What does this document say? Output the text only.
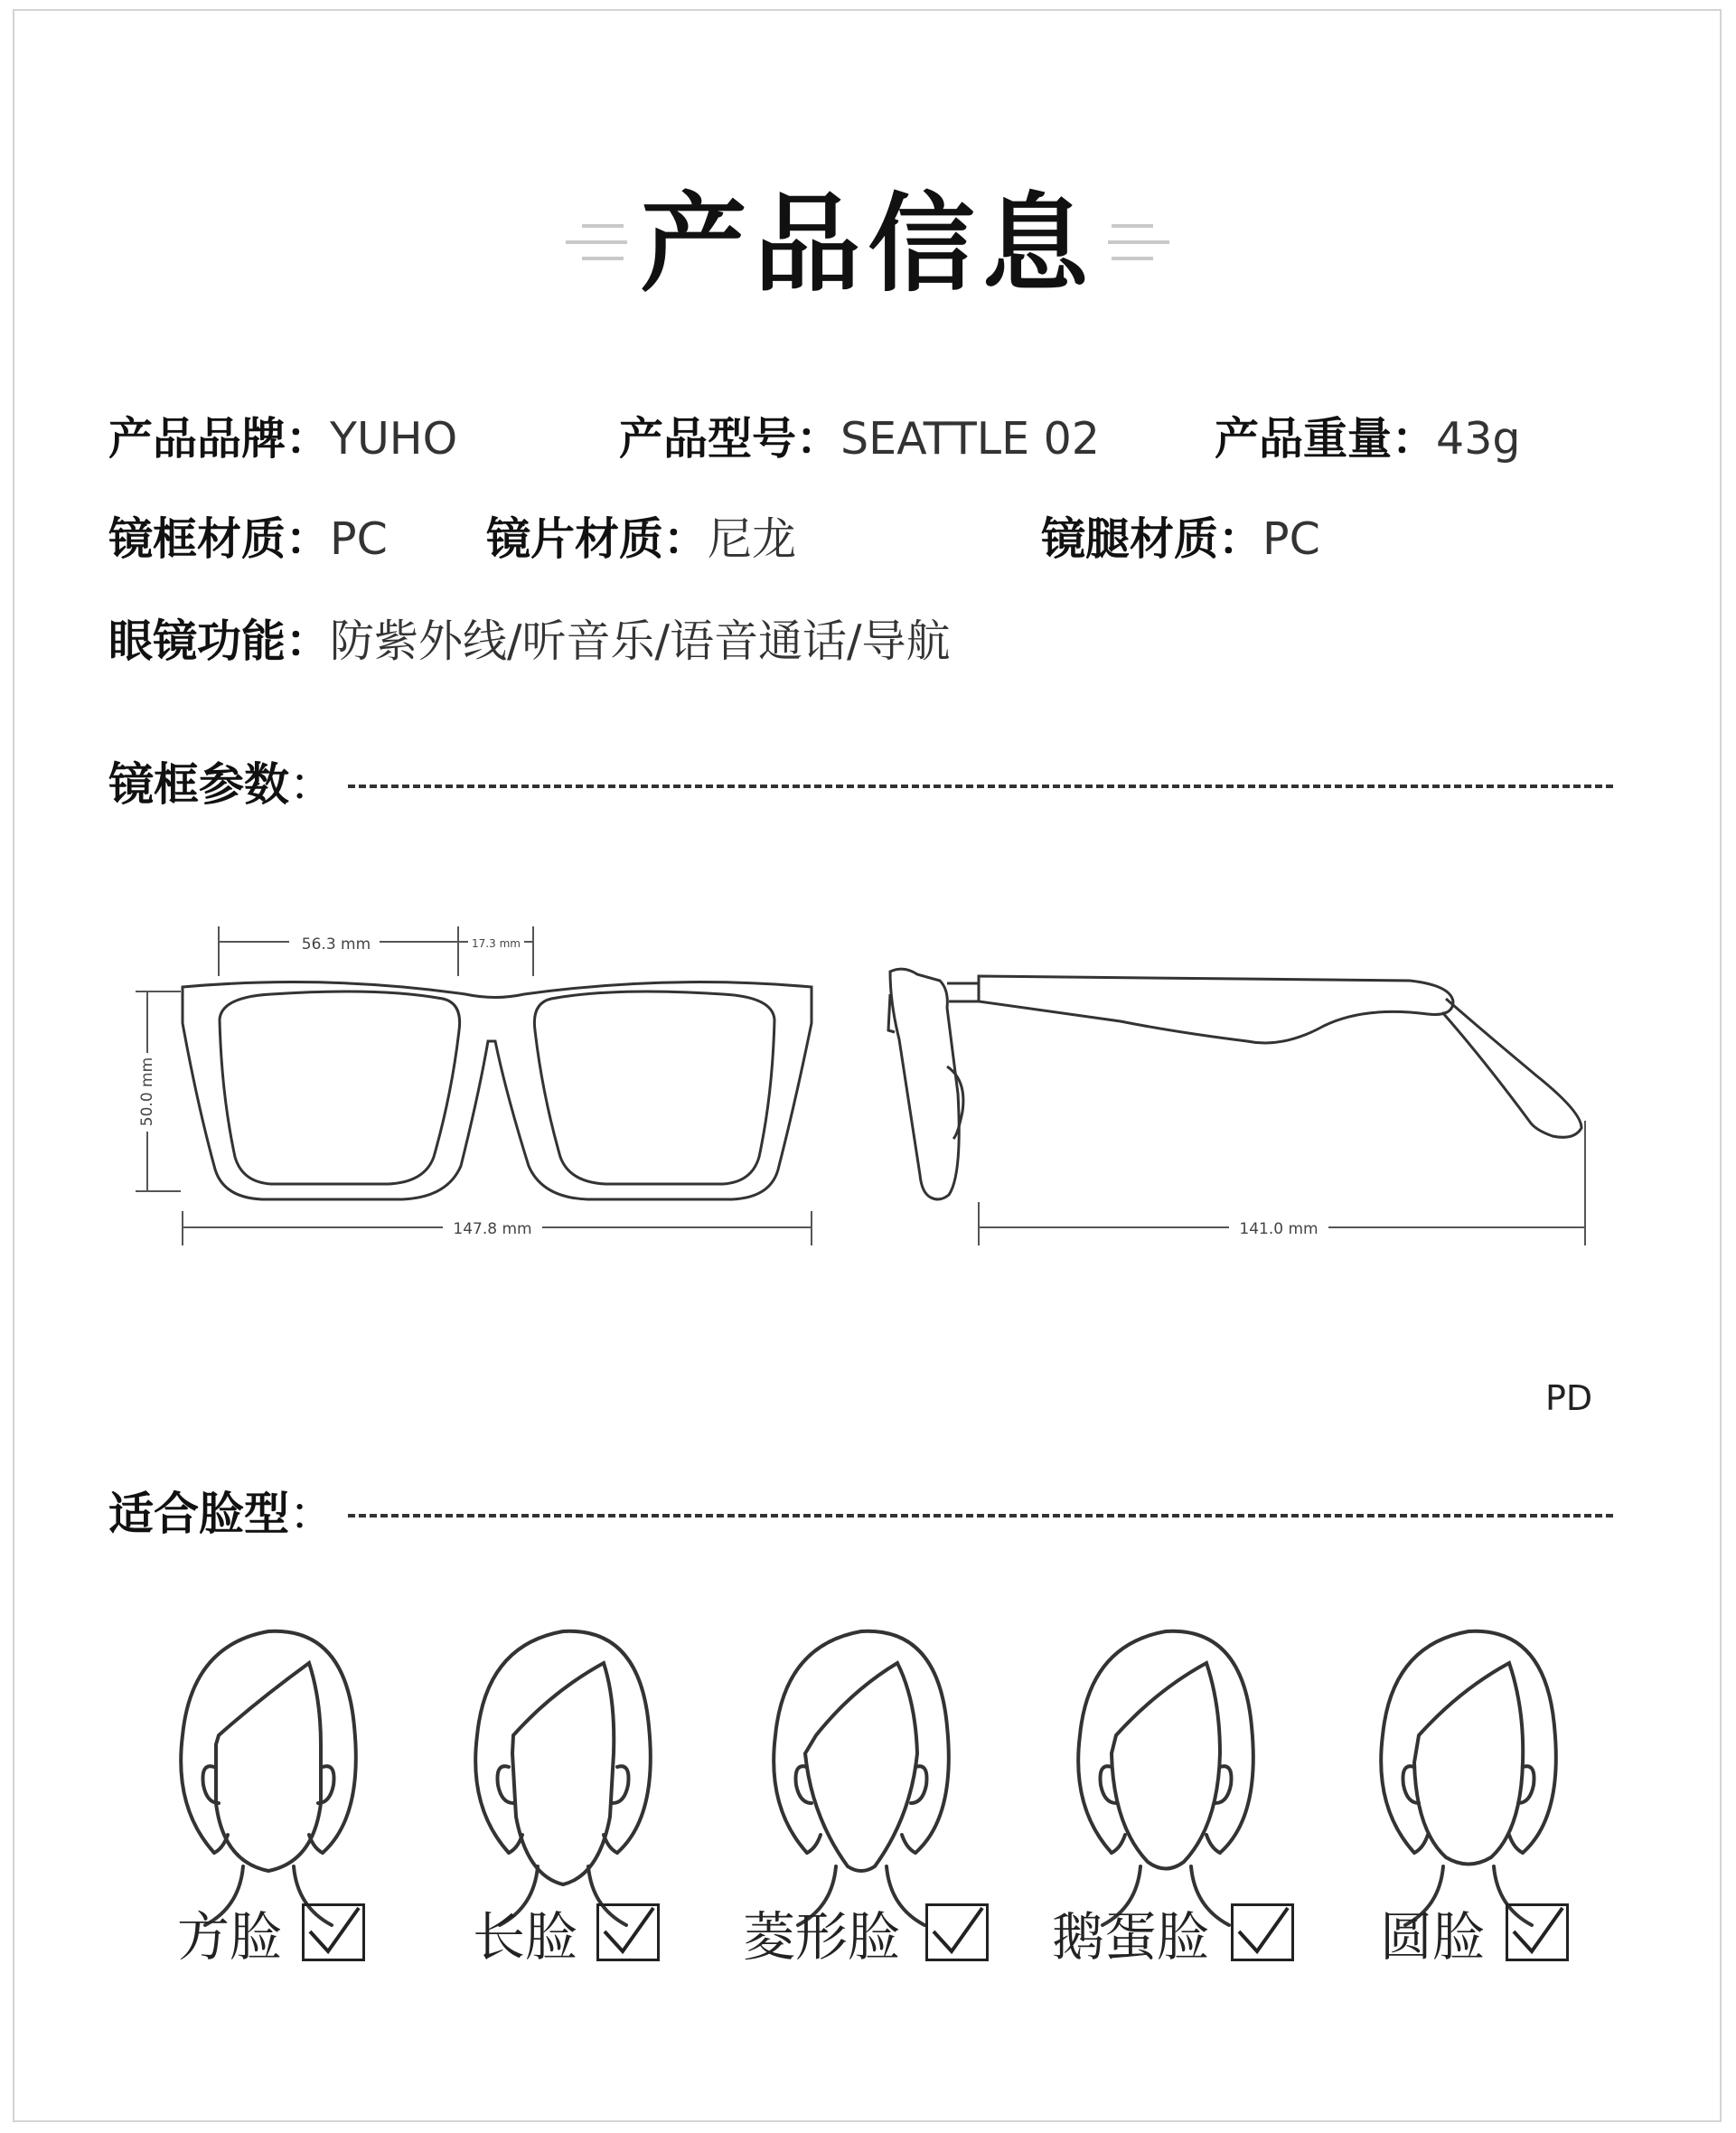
产品信息
产品品牌：YUHO	产品型号：SEATTLE 02	产品重量：43g
镜框材质：PC 镜片材质：尼龙	镜腿材质：PC
眼镜功能：防紫外线/听音乐/语音通话/导航
镜框参数：
56.3 mm	17.3 mm
50.0 mm
147.8 mm	141.0 mm
PD
适合脸型：
方脸	长脸	菱形脸	鹅蛋脸	圆脸
